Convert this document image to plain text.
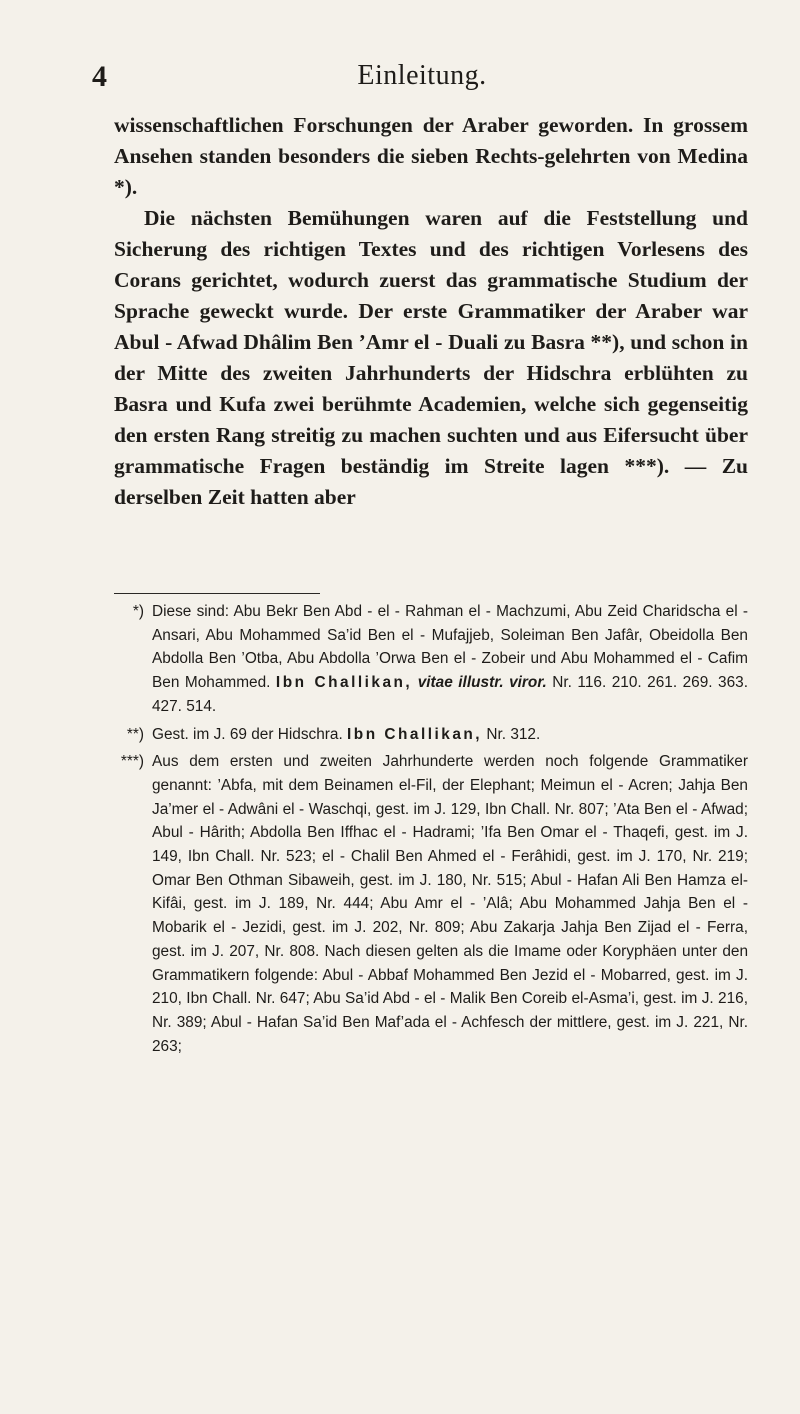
4	Einleitung.

wissenschaftlichen Forschungen der Araber geworden. In grossem Ansehen standen besonders die sieben Rechts-gelehrten von Medina *).

Die nächsten Bemühungen waren auf die Feststellung und Sicherung des richtigen Textes und des richtigen Vorlesens des Corans gerichtet, wodurch zuerst das grammatische Studium der Sprache geweckt wurde. Der erste Grammatiker der Araber war Abul - Afwad Dhâlim Ben ’Amr el - Duali zu Basra **), und schon in der Mitte des zweiten Jahrhunderts der Hidschra erblühten zu Basra und Kufa zwei berühmte Academien, welche sich gegenseitig den ersten Rang streitig zu machen suchten und aus Eifersucht über grammatische Fragen beständig im Streite lagen ***). — Zu derselben Zeit hatten aber

*) Diese sind: Abu Bekr Ben Abd - el - Rahman el - Machzumi, Abu Zeid Charidscha el - Ansari, Abu Mohammed Sa’id Ben el - Mufajjeb, Soleiman Ben Jafâr, Obeidolla Ben Abdolla Ben ’Otba, Abu Abdolla ’Orwa Ben el - Zobeir und Abu Mohammed el - Cafim Ben Mohammed. Ibn Challikan, vitae illustr. viror. Nr. 116. 210. 261. 269. 363. 427. 514.
**) Gest. im J. 69 der Hidschra. Ibn Challikan, Nr. 312.
***) Aus dem ersten und zweiten Jahrhunderte werden noch folgende Grammatiker genannt: ’Abfa, mit dem Beinamen el-Fil, der Elephant; Meimun el - Acren; Jahja Ben Ja’mer el - Adwâni el - Waschqi, gest. im J. 129, Ibn Chall. Nr. 807; ’Ata Ben el - Afwad; Abul - Hârith; Abdolla Ben Iffhac el - Hadrami; ’Ifa Ben Omar el - Thaqefi, gest. im J. 149, Ibn Chall. Nr. 523; el - Chalil Ben Ahmed el - Ferâhidi, gest. im J. 170, Nr. 219; Omar Ben Othman Sibaweih, gest. im J. 180, Nr. 515; Abul - Hafan Ali Ben Hamza el-Kifâi, gest. im J. 189, Nr. 444; Abu Amr el - ’Alâ; Abu Mohammed Jahja Ben el - Mobarik el - Jezidi, gest. im J. 202, Nr. 809; Abu Zakarja Jahja Ben Zijad el - Ferra, gest. im J. 207, Nr. 808. Nach diesen gelten als die Imame oder Koryphäen unter den Grammatikern folgende: Abul - Abbaf Mohammed Ben Jezid el - Mobarred, gest. im J. 210, Ibn Chall. Nr. 647; Abu Sa’id Abd - el - Malik Ben Coreib el-Asma’i, gest. im J. 216, Nr. 389; Abul - Hafan Sa’id Ben Maf’ada el - Achfesch der mittlere, gest. im J. 221, Nr. 263;
